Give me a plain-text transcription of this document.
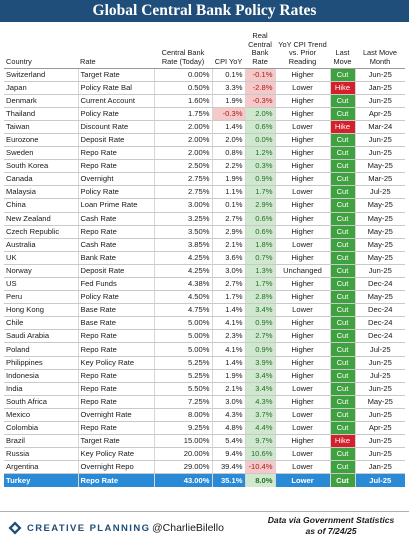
Global Central Bank Policy Rates
Country	Rate	Central Bank Rate (Today)	CPI YoY	Real Central Bank Rate	YoY CPI Trend vs. Prior Reading	Last Move	Last Move Month
Switzerland	Target Rate	0.00%	0.1%	-0.1%	Higher	Cut	Jun-25
Japan	Policy Rate Bal	0.50%	3.3%	-2.8%	Lower	Hike	Jan-25
Denmark	Current Account	1.60%	1.9%	-0.3%	Higher	Cut	Jun-25
Thailand	Policy Rate	1.75%	-0.3%	2.0%	Higher	Cut	Apr-25
Taiwan	Discount Rate	2.00%	1.4%	0.6%	Lower	Hike	Mar-24
Eurozone	Deposit Rate	2.00%	2.0%	0.0%	Higher	Cut	Jun-25
Sweden	Repo Rate	2.00%	0.8%	1.2%	Higher	Cut	Jun-25
South Korea	Repo Rate	2.50%	2.2%	0.3%	Higher	Cut	May-25
Canada	Overnight	2.75%	1.9%	0.9%	Higher	Cut	Mar-25
Malaysia	Policy Rate	2.75%	1.1%	1.7%	Lower	Cut	Jul-25
China	Loan Prime Rate	3.00%	0.1%	2.9%	Higher	Cut	May-25
New Zealand	Cash Rate	3.25%	2.7%	0.6%	Higher	Cut	May-25
Czech Republic	Repo Rate	3.50%	2.9%	0.6%	Higher	Cut	May-25
Australia	Cash Rate	3.85%	2.1%	1.8%	Lower	Cut	May-25
UK	Bank Rate	4.25%	3.6%	0.7%	Higher	Cut	May-25
Norway	Deposit Rate	4.25%	3.0%	1.3%	Unchanged	Cut	Jun-25
US	Fed Funds	4.38%	2.7%	1.7%	Higher	Cut	Dec-24
Peru	Policy Rate	4.50%	1.7%	2.8%	Higher	Cut	May-25
Hong Kong	Base Rate	4.75%	1.4%	3.4%	Lower	Cut	Dec-24
Chile	Base Rate	5.00%	4.1%	0.9%	Higher	Cut	Dec-24
Saudi Arabia	Repo Rate	5.00%	2.3%	2.7%	Higher	Cut	Dec-24
Poland	Repo Rate	5.00%	4.1%	0.9%	Higher	Cut	Jul-25
Philippines	Key Policy Rate	5.25%	1.4%	3.9%	Higher	Cut	Jun-25
Indonesia	Repo Rate	5.25%	1.9%	3.4%	Higher	Cut	Jul-25
India	Repo Rate	5.50%	2.1%	3.4%	Lower	Cut	Jun-25
South Africa	Repo Rate	7.25%	3.0%	4.3%	Higher	Cut	May-25
Mexico	Overnight Rate	8.00%	4.3%	3.7%	Lower	Cut	Jun-25
Colombia	Repo Rate	9.25%	4.8%	4.4%	Lower	Cut	Apr-25
Brazil	Target Rate	15.00%	5.4%	9.7%	Higher	Hike	Jun-25
Russia	Key Policy Rate	20.00%	9.4%	10.6%	Lower	Cut	Jun-25
Argentina	Overnight Repo	29.00%	39.4%	-10.4%	Lower	Cut	Jan-25
Turkey	Repo Rate	43.00%	35.1%	8.0%	Lower	Cut	Jul-25
CREATIVE PLANNING @CharlieBilello
Data via Government Statistics
as of 7/24/25
